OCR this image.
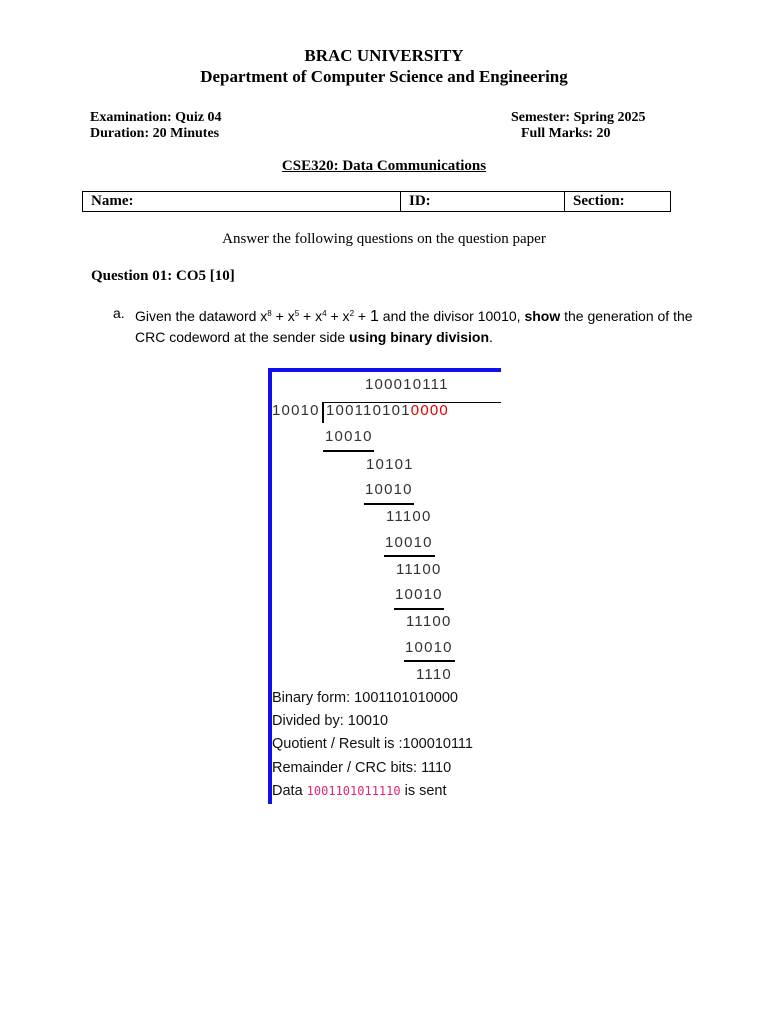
BRAC UNIVERSITY
Department of Computer Science and Engineering
Examination: Quiz 04
Duration: 20 Minutes
Semester: Spring 2025
Full Marks: 20
CSE320: Data Communications
Name:	ID:	Section:
Answer the following questions on the question paper
Question 01: CO5 [10]
a. Given the dataword $x^8 + x^5 + x^4 + x^2 + 1$ and the divisor 10010, show the generation of the CRC codeword at the sender side using binary division.
100010111
10010 1001101010000
10010
10101
10010
11100
10010
11100
10010
11100
10010
1110
Binary form: 1001101010000
Divided by: 10010
Quotient / Result is :100010111
Remainder / CRC bits: 1110
Data 1001101011110 is sent
